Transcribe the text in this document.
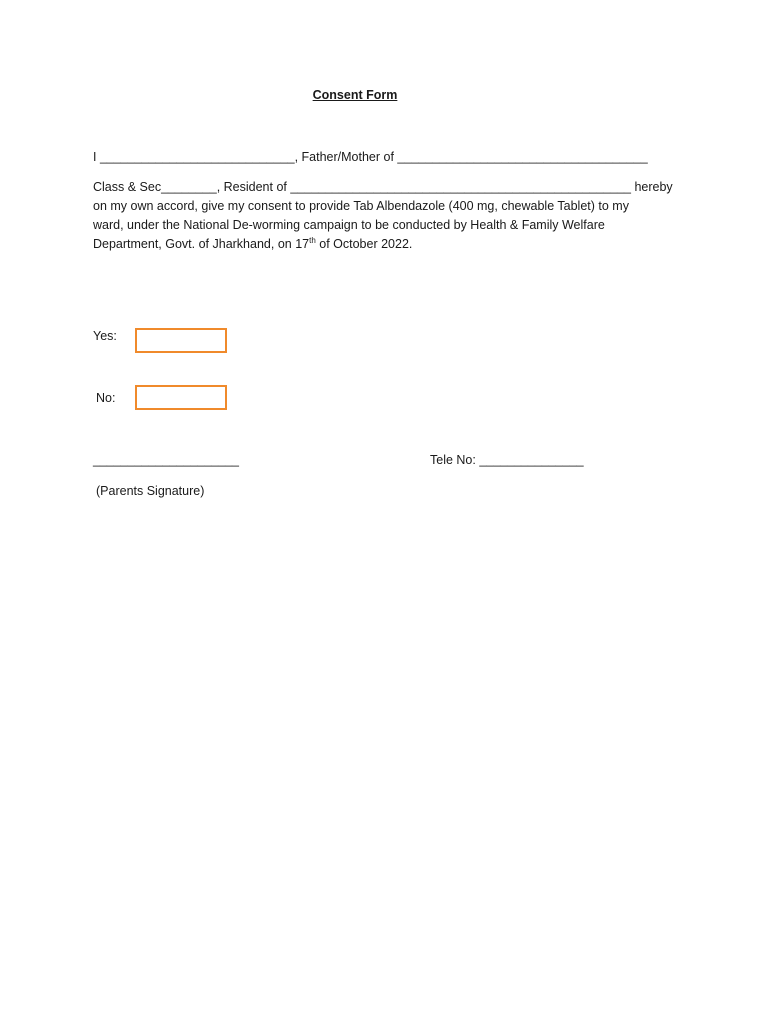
Consent Form
I ____________________________, Father/Mother of ____________________________________
Class & Sec________, Resident of _________________________________________________ hereby
on my own accord, give my consent to provide Tab Albendazole (400 mg, chewable Tablet) to my
ward, under the National De-worming campaign to be conducted by Health & Family Welfare
Department, Govt. of Jharkhand, on 17th of October 2022.
Yes:
No:
_____________________	Tele No: _______________
(Parents Signature)
